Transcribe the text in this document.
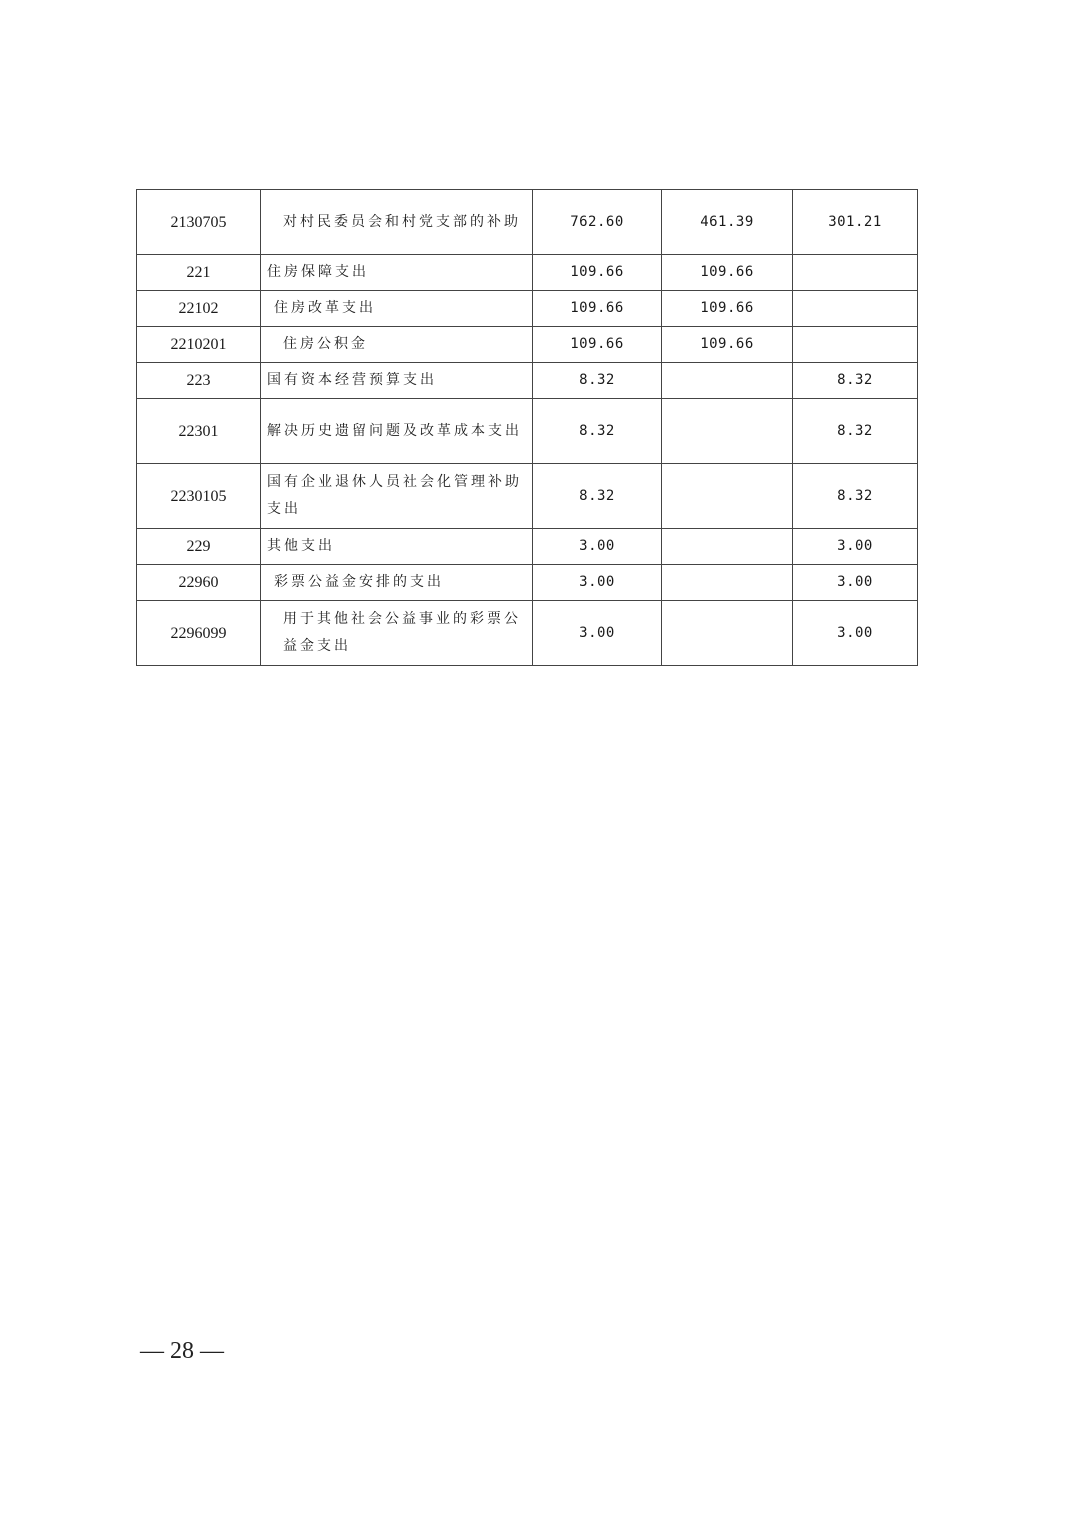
2130705	对村民委员会和村党支部的补助	762.60	461.39	301.21
221	住房保障支出	109.66	109.66	
22102	住房改革支出	109.66	109.66	
2210201	住房公积金	109.66	109.66	
223	国有资本经营预算支出	8.32		8.32
22301	解决历史遗留问题及改革成本支出	8.32		8.32
2230105	国有企业退休人员社会化管理补助支出	8.32		8.32
229	其他支出	3.00		3.00
22960	彩票公益金安排的支出	3.00		3.00
2296099	用于其他社会公益事业的彩票公益金支出	3.00		3.00
— 28 —
